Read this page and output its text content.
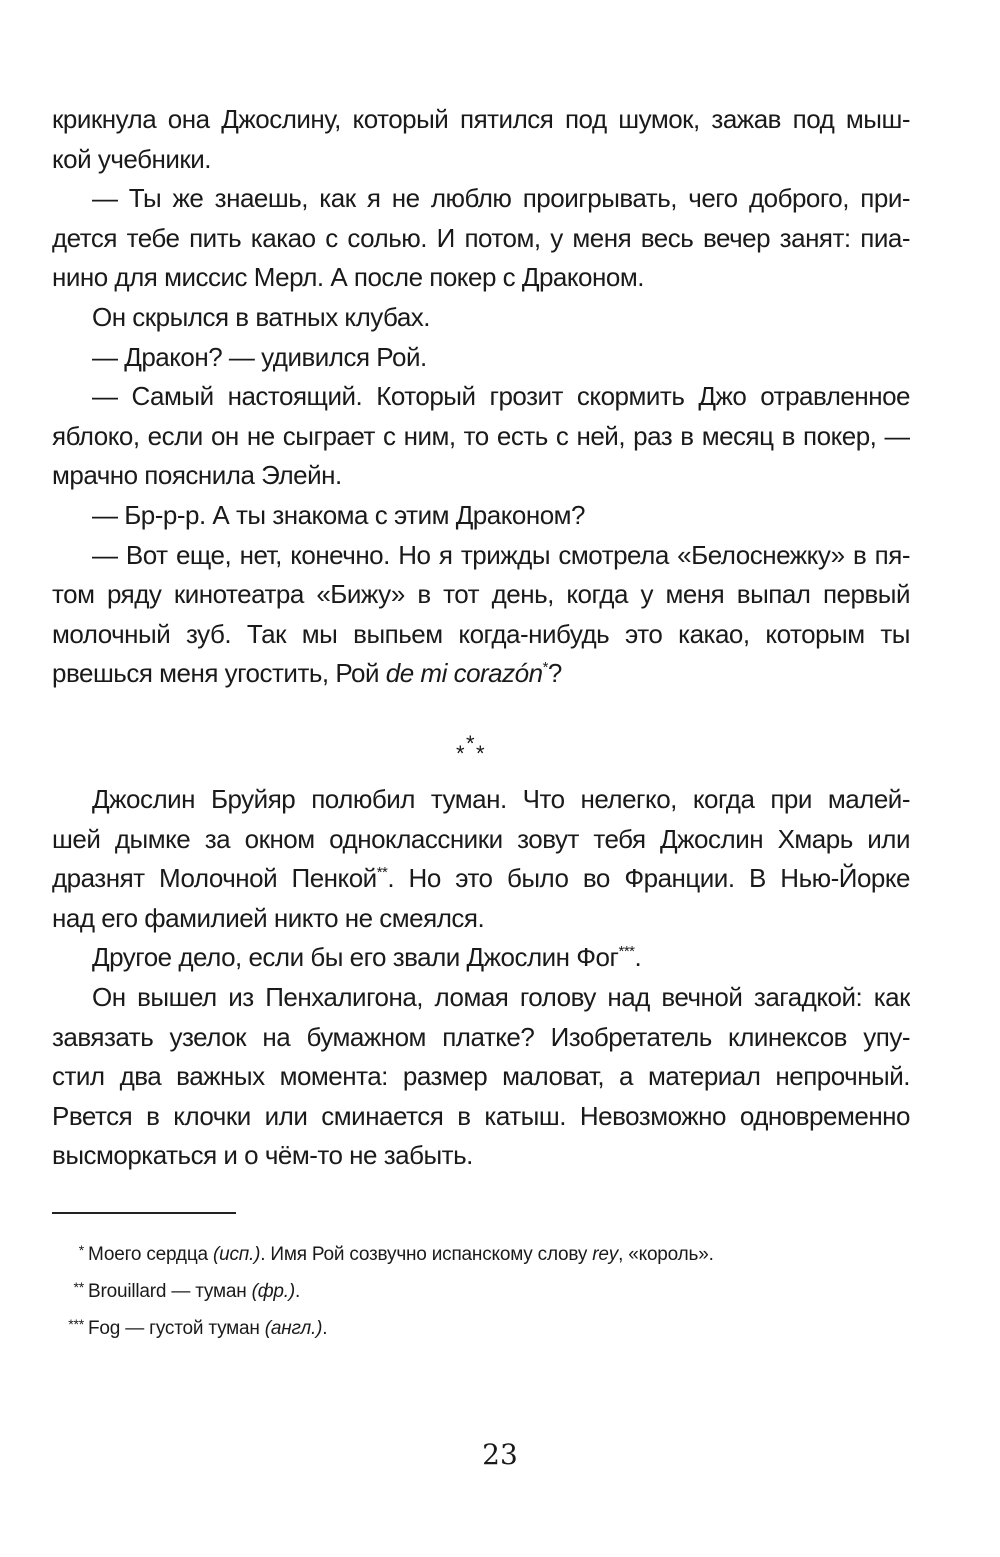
крикнула она Джослину, который пятился под шумок, зажав под мыш-
кой учебники.
— Ты же знаешь, как я не люблю проигрывать, чего доброго, при-
дется тебе пить какао с солью. И потом, у меня весь вечер занят: пиа-
нино для миссис Мерл. А после покер с Драконом.
Он скрылся в ватных клубах.
— Дракон? — удивился Рой.
— Самый настоящий. Который грозит скормить Джо отравленное
яблоко, если он не сыграет с ним, то есть с ней, раз в месяц в покер, —
мрачно пояснила Элейн.
— Бр-р-р. А ты знакома с этим Драконом?
— Вот еще, нет, конечно. Но я трижды смотрела «Белоснежку» в пя-
том ряду кинотеатра «Бижу» в тот день, когда у меня выпал первый
молочный зуб. Так мы выпьем когда-нибудь это какао, которым ты
рвешься меня угостить, Рой de mi corazón*?
* * *
Джослин Бруйяр полюбил туман. Что нелегко, когда при малей-
шей дымке за окном одноклассники зовут тебя Джослин Хмарь или
дразнят Молочной Пенкой**. Но это было во Франции. В Нью-Йорке
над его фамилией никто не смеялся.
Другое дело, если бы его звали Джослин Фог***.
Он вышел из Пенхалигона, ломая голову над вечной загадкой: как
завязать узелок на бумажном платке? Изобретатель клинексов упу-
стил два важных момента: размер маловат, а материал непрочный.
Рвется в клочки или сминается в катыш. Невозможно одновременно
высморкаться и о чём-то не забыть.
* Моего сердца (исп.). Имя Рой созвучно испанскому слову rey, «король».
** Brouillard — туман (фр.).
*** Fog — густой туман (англ.).
23
